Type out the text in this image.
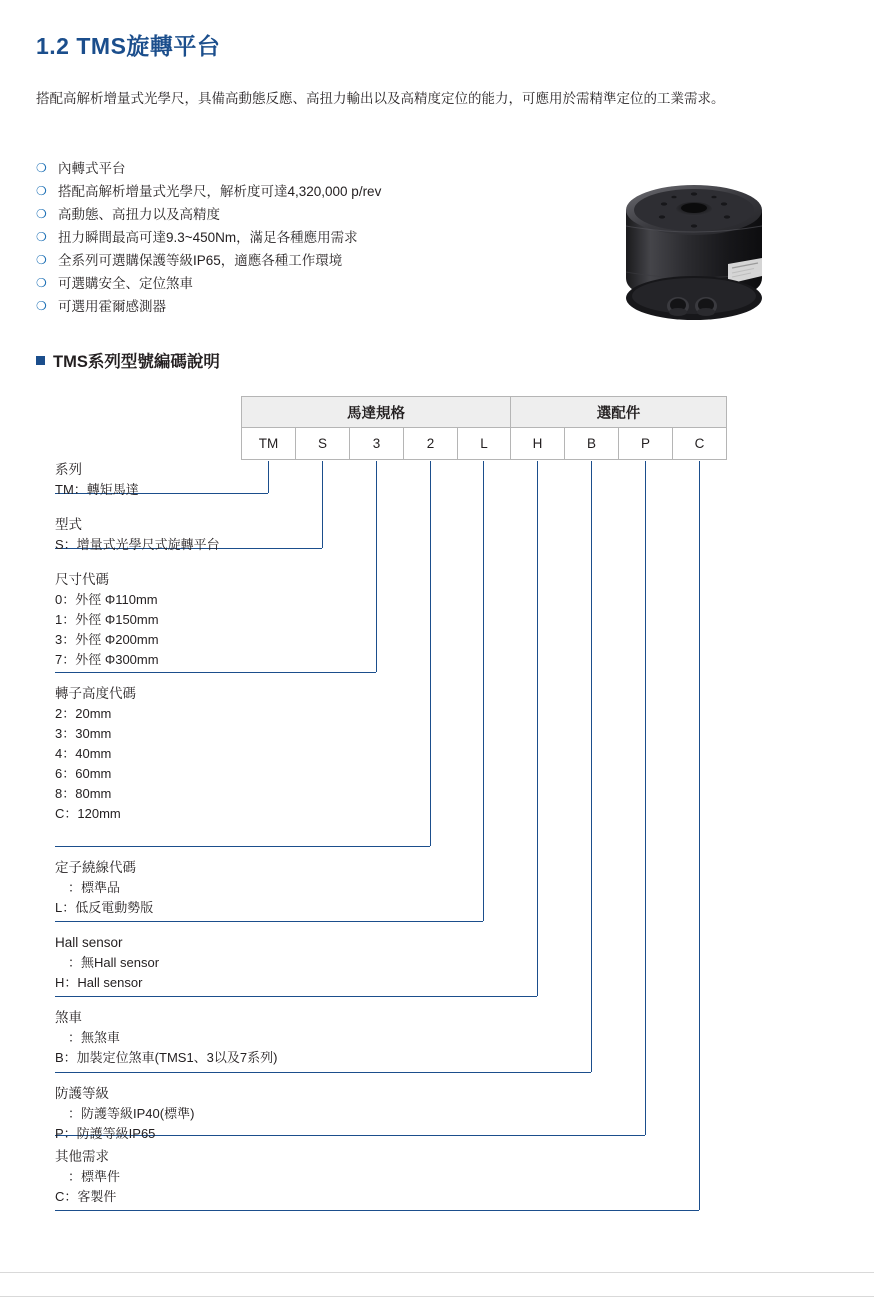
1.2 TMS旋轉平台
搭配高解析增量式光學尺，具備高動態反應、高扭力輸出以及高精度定位的能力，可應用於需精準定位的工業需求。
❍ 內轉式平台
❍ 搭配高解析增量式光學尺，解析度可達4,320,000 p/rev
❍ 高動態、高扭力以及高精度
❍ 扭力瞬間最高可達9.3~450Nm，滿足各種應用需求
❍ 全系列可選購保護等級IP65，適應各種工作環境
❍ 可選購安全、定位煞車
❍ 可選用霍爾感測器
TMS系列型號編碼說明
馬達規格					選配件			
TM	S	3	2	L	H	B	P	C
系列
TM：轉矩馬達
型式
S：增量式光學尺式旋轉平台
尺寸代碼
0：外徑 Φ110mm
1：外徑 Φ150mm
3：外徑 Φ200mm
7：外徑 Φ300mm
轉子高度代碼
2：20mm
3：30mm
4：40mm
6：60mm
8：80mm
C：120mm
定子繞線代碼
　：標準品
L：低反電動勢版
Hall sensor
　：無Hall sensor
H：Hall sensor
煞車
　：無煞車
B：加裝定位煞車(TMS1、3以及7系列)
防護等級
　：防護等級IP40(標準)
P：防護等級IP65
其他需求
　：標準件
C：客製件
